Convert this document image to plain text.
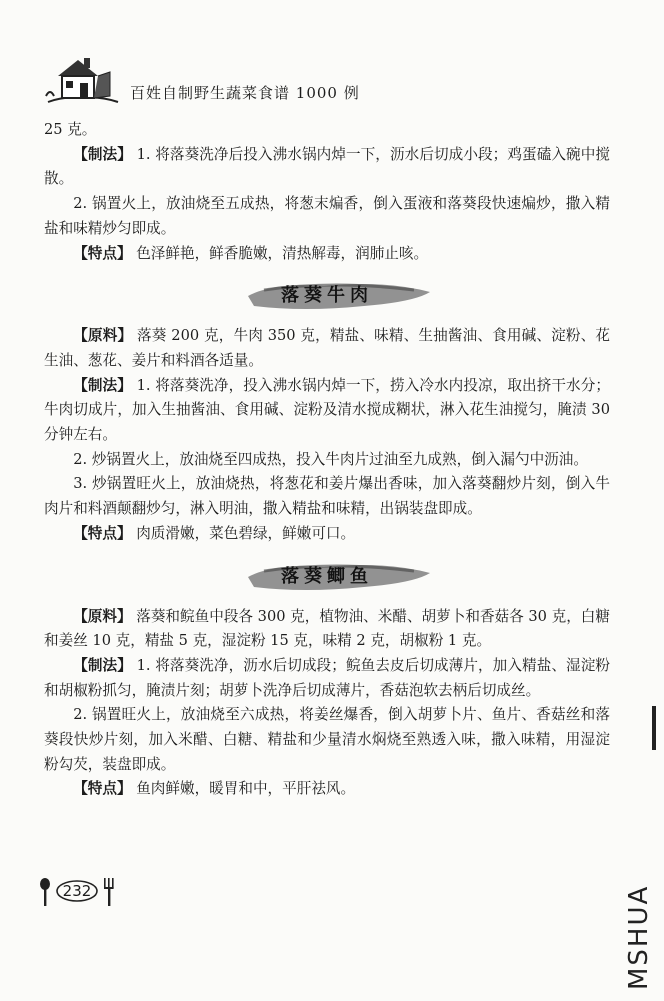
百姓自制野生蔬菜食谱 1000 例

25 克。

【制法】 1. 将落葵洗净后投入沸水锅内焯一下，沥水后切成小段；鸡蛋磕入碗中搅散。

2. 锅置火上，放油烧至五成热，将葱末煸香，倒入蛋液和落葵段快速煸炒，撒入精盐和味精炒匀即成。

【特点】 色泽鲜艳，鲜香脆嫩，清热解毒，润肺止咳。

落葵牛肉

【原料】 落葵 200 克，牛肉 350 克，精盐、味精、生抽酱油、食用碱、淀粉、花生油、葱花、姜片和料酒各适量。

【制法】 1. 将落葵洗净，投入沸水锅内焯一下，捞入冷水内投凉，取出挤干水分；牛肉切成片，加入生抽酱油、食用碱、淀粉及清水搅成糊状，淋入花生油搅匀，腌渍 30 分钟左右。

2. 炒锅置火上，放油烧至四成热，投入牛肉片过油至九成熟，倒入漏勺中沥油。

3. 炒锅置旺火上，放油烧热，将葱花和姜片爆出香味，加入落葵翻炒片刻，倒入牛肉片和料酒颠翻炒匀，淋入明油，撒入精盐和味精，出锅装盘即成。

【特点】 肉质滑嫩，菜色碧绿，鲜嫩可口。

落葵鲫鱼

【原料】 落葵和鲩鱼中段各 300 克，植物油、米醋、胡萝卜和香菇各 30 克，白糖和姜丝 10 克，精盐 5 克，湿淀粉 15 克，味精 2 克，胡椒粉 1 克。

【制法】 1. 将落葵洗净，沥水后切成段；鲩鱼去皮后切成薄片，加入精盐、湿淀粉和胡椒粉抓匀，腌渍片刻；胡萝卜洗净后切成薄片，香菇泡软去柄后切成丝。

2. 锅置旺火上，放油烧至六成热，将姜丝爆香，倒入胡萝卜片、鱼片、香菇丝和落葵段快炒片刻，加入米醋、白糖、精盐和少量清水焖烧至熟透入味，撒入味精，用湿淀粉勾芡，装盘即成。

【特点】 鱼肉鲜嫩，暖胃和中，平肝祛风。

232	MSHUA
